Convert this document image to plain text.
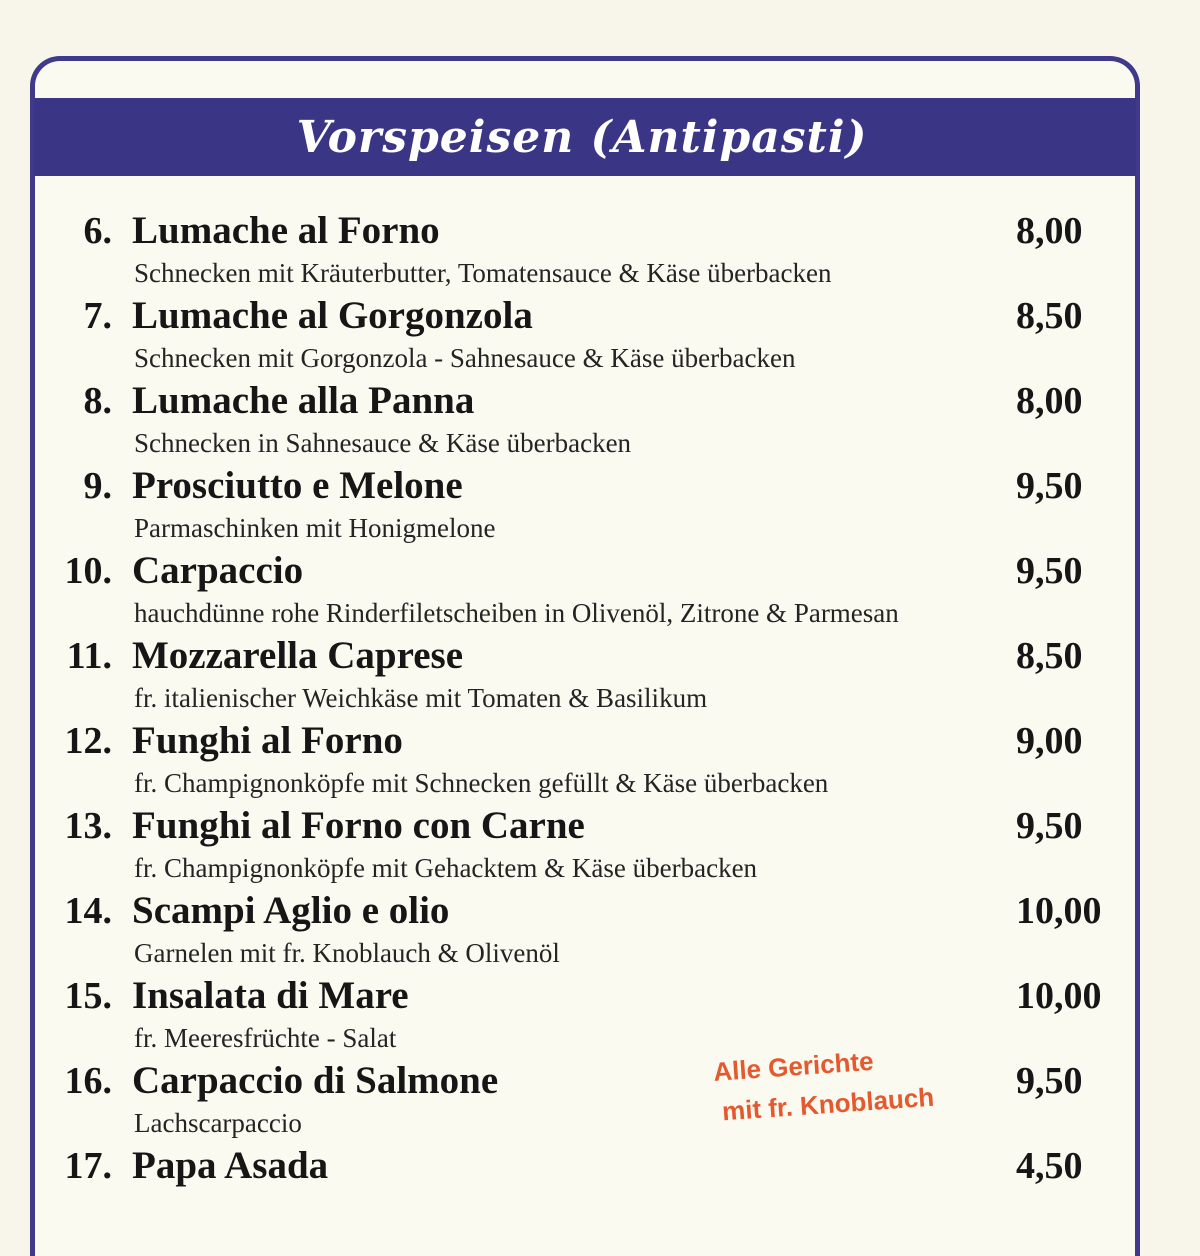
Vorspeisen (Antipasti)
6. Lumache al Forno	8,00
Schnecken mit Kräuterbutter, Tomatensauce & Käse überbacken
7. Lumache al Gorgonzola	8,50
Schnecken mit Gorgonzola - Sahnesauce & Käse überbacken
8. Lumache alla Panna	8,00
Schnecken in Sahnesauce & Käse überbacken
9. Prosciutto e Melone	9,50
Parmaschinken mit Honigmelone
10. Carpaccio	9,50
hauchdünne rohe Rinderfiletscheiben in Olivenöl, Zitrone & Parmesan
11. Mozzarella Caprese	8,50
fr. italienischer Weichkäse mit Tomaten & Basilikum
12. Funghi al Forno	9,00
fr. Champignonköpfe mit Schnecken gefüllt & Käse überbacken
13. Funghi al Forno con Carne	9,50
fr. Champignonköpfe mit Gehacktem & Käse überbacken
14. Scampi Aglio e olio	10,00
Garnelen mit fr. Knoblauch & Olivenöl
15. Insalata di Mare	10,00
fr. Meeresfrüchte - Salat
16. Carpaccio di Salmone	9,50
Lachscarpaccio
17. Papa Asada	4,50
Alle Gerichte
mit fr. Knoblauch
